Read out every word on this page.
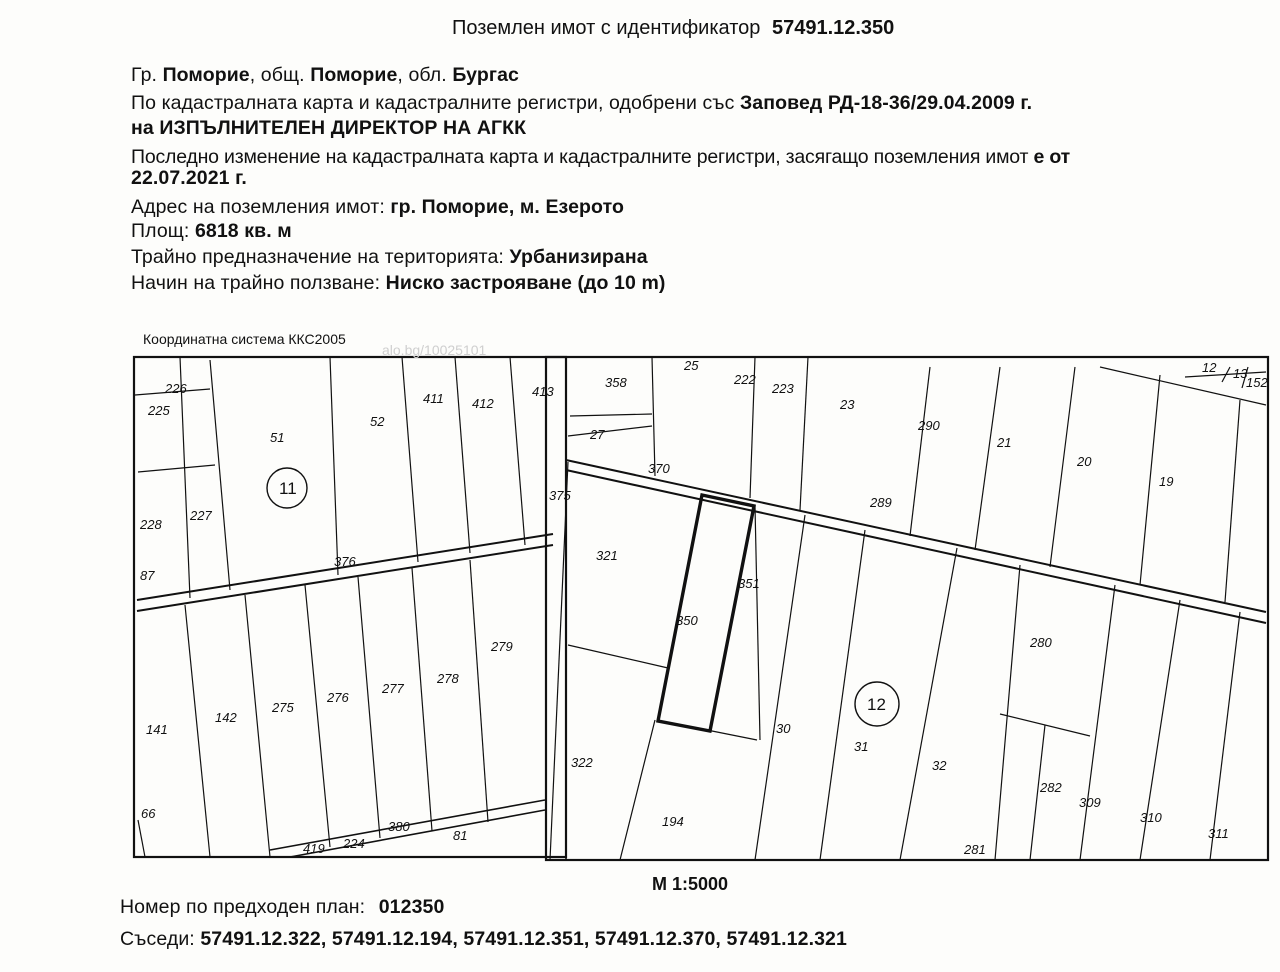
Поземлен имот с идентификатор 57491.12.350

Гр. Поморие, общ. Поморие, обл. Бургас

По кадастралната карта и кадастралните регистри, одобрени със Заповед РД-18-36/29.04.2009 г.

на ИЗПЪЛНИТЕЛЕН ДИРЕКТОР НА АГКК

Последно изменение на кадастралната карта и кадастралните регистри, засягащо поземления имот е от

22.07.2021 г.

Адрес на поземления имот: гр. Поморие, м. Езерото

Площ: 6818 кв. м

Трайно предназначение на територията: Урбанизирана

Начин на трайно ползване: Ниско застрояване (до 10 m)

Координатна система ККС2005

alo.bg/10025101
226
225
51
52
411 412
413
228
227
87
376
375
141
142
275
276
277
278
279
66
419 224
380
81
358
25
222
223
23
290
21
20
19
12 13
152
27
370
289
321
351
350
280
30
31
32
322
194
282
309
310
311
281
11
12

М 1:5000

Номер по предходен план: 012350

Съседи: 57491.12.322, 57491.12.194, 57491.12.351, 57491.12.370, 57491.12.321
